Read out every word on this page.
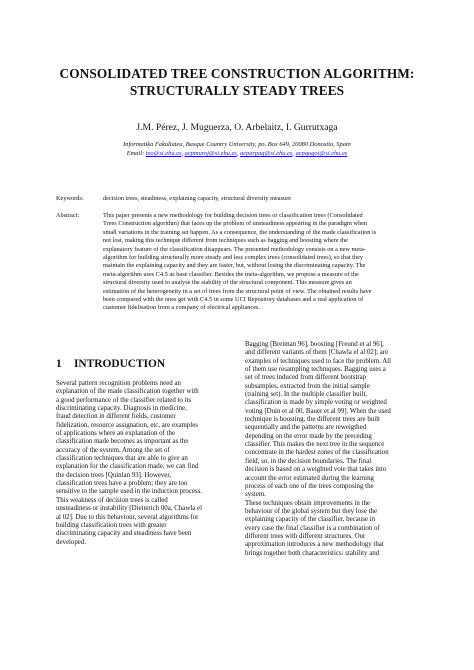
CONSOLIDATED TREE CONSTRUCTION ALGORITHM:
STRUCTURALLY STEADY TREES
J.M. Pérez, J. Muguerza, O. Arbelaitz, I. Gurrutxaga
Informatika Fakultatea, Basque Country University, po. Box 649, 20080 Donostia, Spain
Email: txo@si.ehu.es, acpmuroj@si.ehu.es, acparpaq@si.ehu.es, acpgugoi@si.ehu.es
Keywords:	decision trees, steadiness, explaining capacity, structural diversity measure
Abstract:	This paper presents a new methodology for building decision trees or classification trees (Consolidated
Trees Construction algorithm) that faces up the problem of unsteadiness appearing in the paradigm when
small variations in the training set happen. As a consequence, the understanding of the made classification is
not lost, making this technique different from techniques such as bagging and boosting where the
explanatory feature of the classification disappears. The presented methodology consists on a new meta-
algorithm for building structurally more steady and less complex trees (consolidated trees), so that they
maintain the explaining capacity and they are faster, but, without losing the discriminating capacity. The
meta-algorithm uses C4.5 as base classifier. Besides the meta-algorithm, we propose a measure of the
structural diversity used to analyse the stability of the structural component. This measure gives an
estimation of the heterogeneity in a set of trees from the structural point of view. The obtained results have
been compared with the ones get with C4.5 in some UCI Repository databases and a real application of
customer fidelisation from a company of electrical appliances.
1 INTRODUCTION
Several pattern recognition problems need an
explanation of the made classification together with
a good performance of the classifier related to its
discriminating capacity. Diagnosis in medicine,
fraud detection in different fields, customer
fidelization, resource assignation, etc, are examples
of applications where an explanation of the
classification made becomes as important as the
accuracy of the system. Among the set of
classification techniques that are able to give an
explanation for the classification made, we can find
the decision trees [Quinlan 93]. However,
classification trees have a problem; they are too
sensitive to the sample used in the induction process.
This weakness of decision trees is called
unsteadiness or instability [Dietterich 00a, Chawla el
al 02]. Due to this behaviour, several algorithms for
building classification trees with greater
discriminating capacity and steadiness have been
developed.
Bagging [Breiman 96], boosting [Freund et al 96],
and different variants of them [Chawla el al 02]; are
examples of techniques used to face the problem. All
of them use resampling techniques. Bagging uses a
set of trees induced from different bootstrap
subsamples, extracted from the initial sample
(training set). In the multiple classifier built,
classification is made by simple voting or weighted
voting [Duin et al 00, Bauer et al 99]. When the used
technique is boosting, the different trees are built
sequentially and the patterns are reweigthed
depending on the error made by the preceding
classifier. This makes the next tree in the sequence
concentrate in the hardest zones of the classification
field, so, in the decision boundaries. The final
decision is based on a weighted vote that takes into
account the error estimated during the learning
process of each one of the trees composing the
system.
These techniques obtain improvements in the
behaviour of the global system but they lose the
explaining capacity of the classifier, because in
every case the final classifier is a combination of
different trees with different structures. Our
approximation introduces a new methodology that
brings together both characteristics: stability and
